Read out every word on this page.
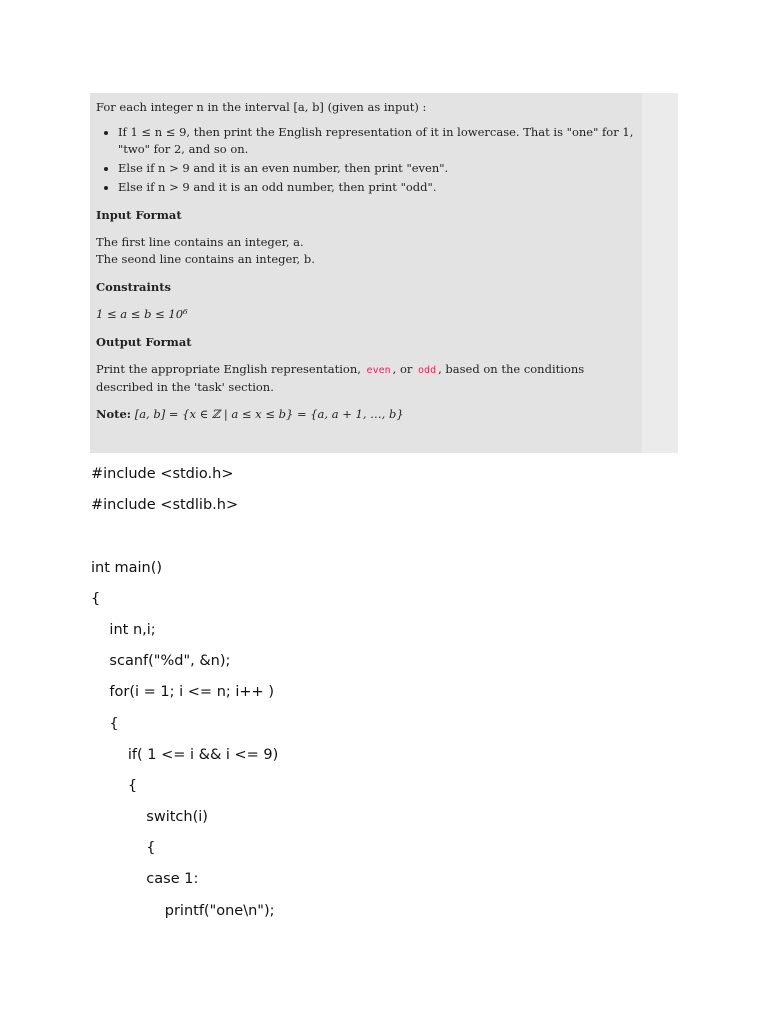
For each integer n in the interval [a, b] (given as input) :

• If 1 ≤ n ≤ 9, then print the English representation of it in lowercase. That is "one" for 1, "two" for 2, and so on.
• Else if n > 9 and it is an even number, then print "even".
• Else if n > 9 and it is an odd number, then print "odd".

Input Format

The first line contains an integer, a.

The seond line contains an integer, b.

Constraints

1 ≤ a ≤ b ≤ 10⁶

Output Format

Print the appropriate English representation, even , or odd , based on the conditions described in the 'task' section.

Note: [a, b] = {x ∈ ℤ | a ≤ x ≤ b} = {a, a + 1, …, b}

#include <stdio.h>
#include <stdlib.h>
int main()
{
int n,i;
scanf("%d", &n);
for(i = 1; i <= n; i++ )
{
if( 1 <= i && i <= 9)
{
switch(i)
{
case 1:
printf("one\n");
